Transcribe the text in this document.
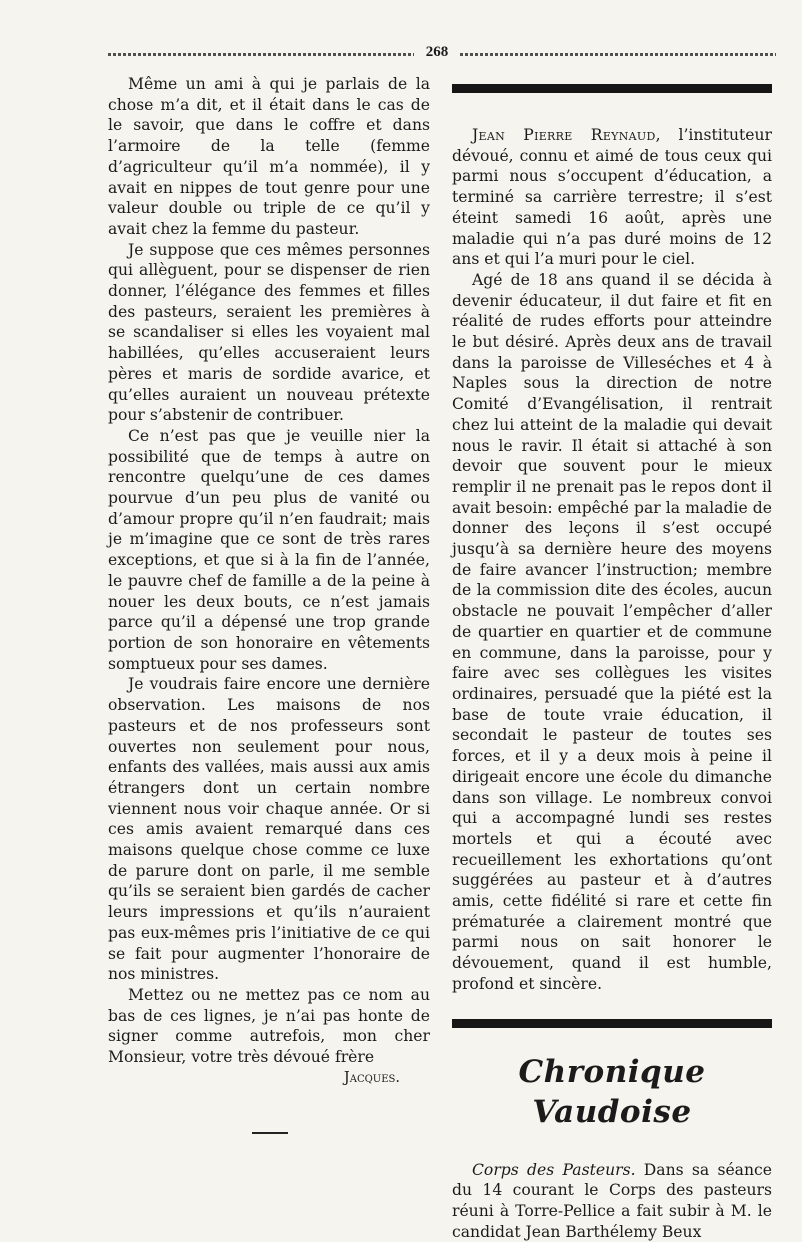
268

Même un ami à qui je parlais de la chose m’a dit, et il était dans le cas de le savoir, que dans le coffre et dans l’armoire de la telle (femme d’agriculteur qu’il m’a nommée), il y avait en nippes de tout genre pour une valeur double ou triple de ce qu’il y avait chez la femme du pasteur.

Je suppose que ces mêmes personnes qui allèguent, pour se dispenser de rien donner, l’élégance des femmes et filles des pasteurs, seraient les premières à se scandaliser si elles les voyaient mal habillées, qu’elles accuseraient leurs pères et maris de sordide avarice, et qu’elles auraient un nouveau prétexte pour s’abstenir de contribuer.

Ce n’est pas que je veuille nier la possibilité que de temps à autre on rencontre quelqu’une de ces dames pourvue d’un peu plus de vanité ou d’amour propre qu’il n’en faudrait; mais je m’imagine que ce sont de très rares exceptions, et que si à la fin de l’année, le pauvre chef de famille a de la peine à nouer les deux bouts, ce n’est jamais parce qu’il a dépensé une trop grande portion de son honoraire en vêtements somptueux pour ses dames.

Je voudrais faire encore une dernière observation. Les maisons de nos pasteurs et de nos professeurs sont ouvertes non seulement pour nous, enfants des vallées, mais aussi aux amis étrangers dont un certain nombre viennent nous voir chaque année. Or si ces amis avaient remarqué dans ces maisons quelque chose comme ce luxe de parure dont on parle, il me semble qu’ils se seraient bien gardés de cacher leurs impressions et qu’ils n’auraient pas eux-mêmes pris l’initiative de ce qui se fait pour augmenter l’honoraire de nos ministres.

Mettez ou ne mettez pas ce nom au bas de ces lignes, je n’ai pas honte de signer comme autrefois, mon cher Monsieur, votre très dévoué frère

Jacques.

Jean Pierre Reynaud, l’instituteur dévoué, connu et aimé de tous ceux qui parmi nous s’occupent d’éducation, a terminé sa carrière terrestre; il s’est éteint samedi 16 août, après une maladie qui n’a pas duré moins de 12 ans et qui l’a muri pour le ciel.

Agé de 18 ans quand il se décida à devenir éducateur, il dut faire et fit en réalité de rudes efforts pour atteindre le but désiré. Après deux ans de travail dans la paroisse de Villeséches et 4 à Naples sous la direction de notre Comité d’Evangélisation, il rentrait chez lui atteint de la maladie qui devait nous le ravir. Il était si attaché à son devoir que souvent pour le mieux remplir il ne prenait pas le repos dont il avait besoin: empêché par la maladie de donner des leçons il s’est occupé jusqu’à sa dernière heure des moyens de faire avancer l’instruction; membre de la commission dite des écoles, aucun obstacle ne pouvait l’empêcher d’aller de quartier en quartier et de commune en commune, dans la paroisse, pour y faire avec ses collègues les visites ordinaires, persuadé que la piété est la base de toute vraie éducation, il secondait le pasteur de toutes ses forces, et il y a deux mois à peine il dirigeait encore une école du dimanche dans son village. Le nombreux convoi qui a accompagné lundi ses restes mortels et qui a écouté avec recueillement les exhortations qu’ont suggérées au pasteur et à d’autres amis, cette fidélité si rare et cette fin prématurée a clairement montré que parmi nous on sait honorer le dévouement, quand il est humble, profond et sincère.

Chronique Vaudoise

Corps des Pasteurs. Dans sa séance du 14 courant le Corps des pasteurs réuni à Torre-Pellice a fait subir à M. le candidat Jean Barthélemy Beux
